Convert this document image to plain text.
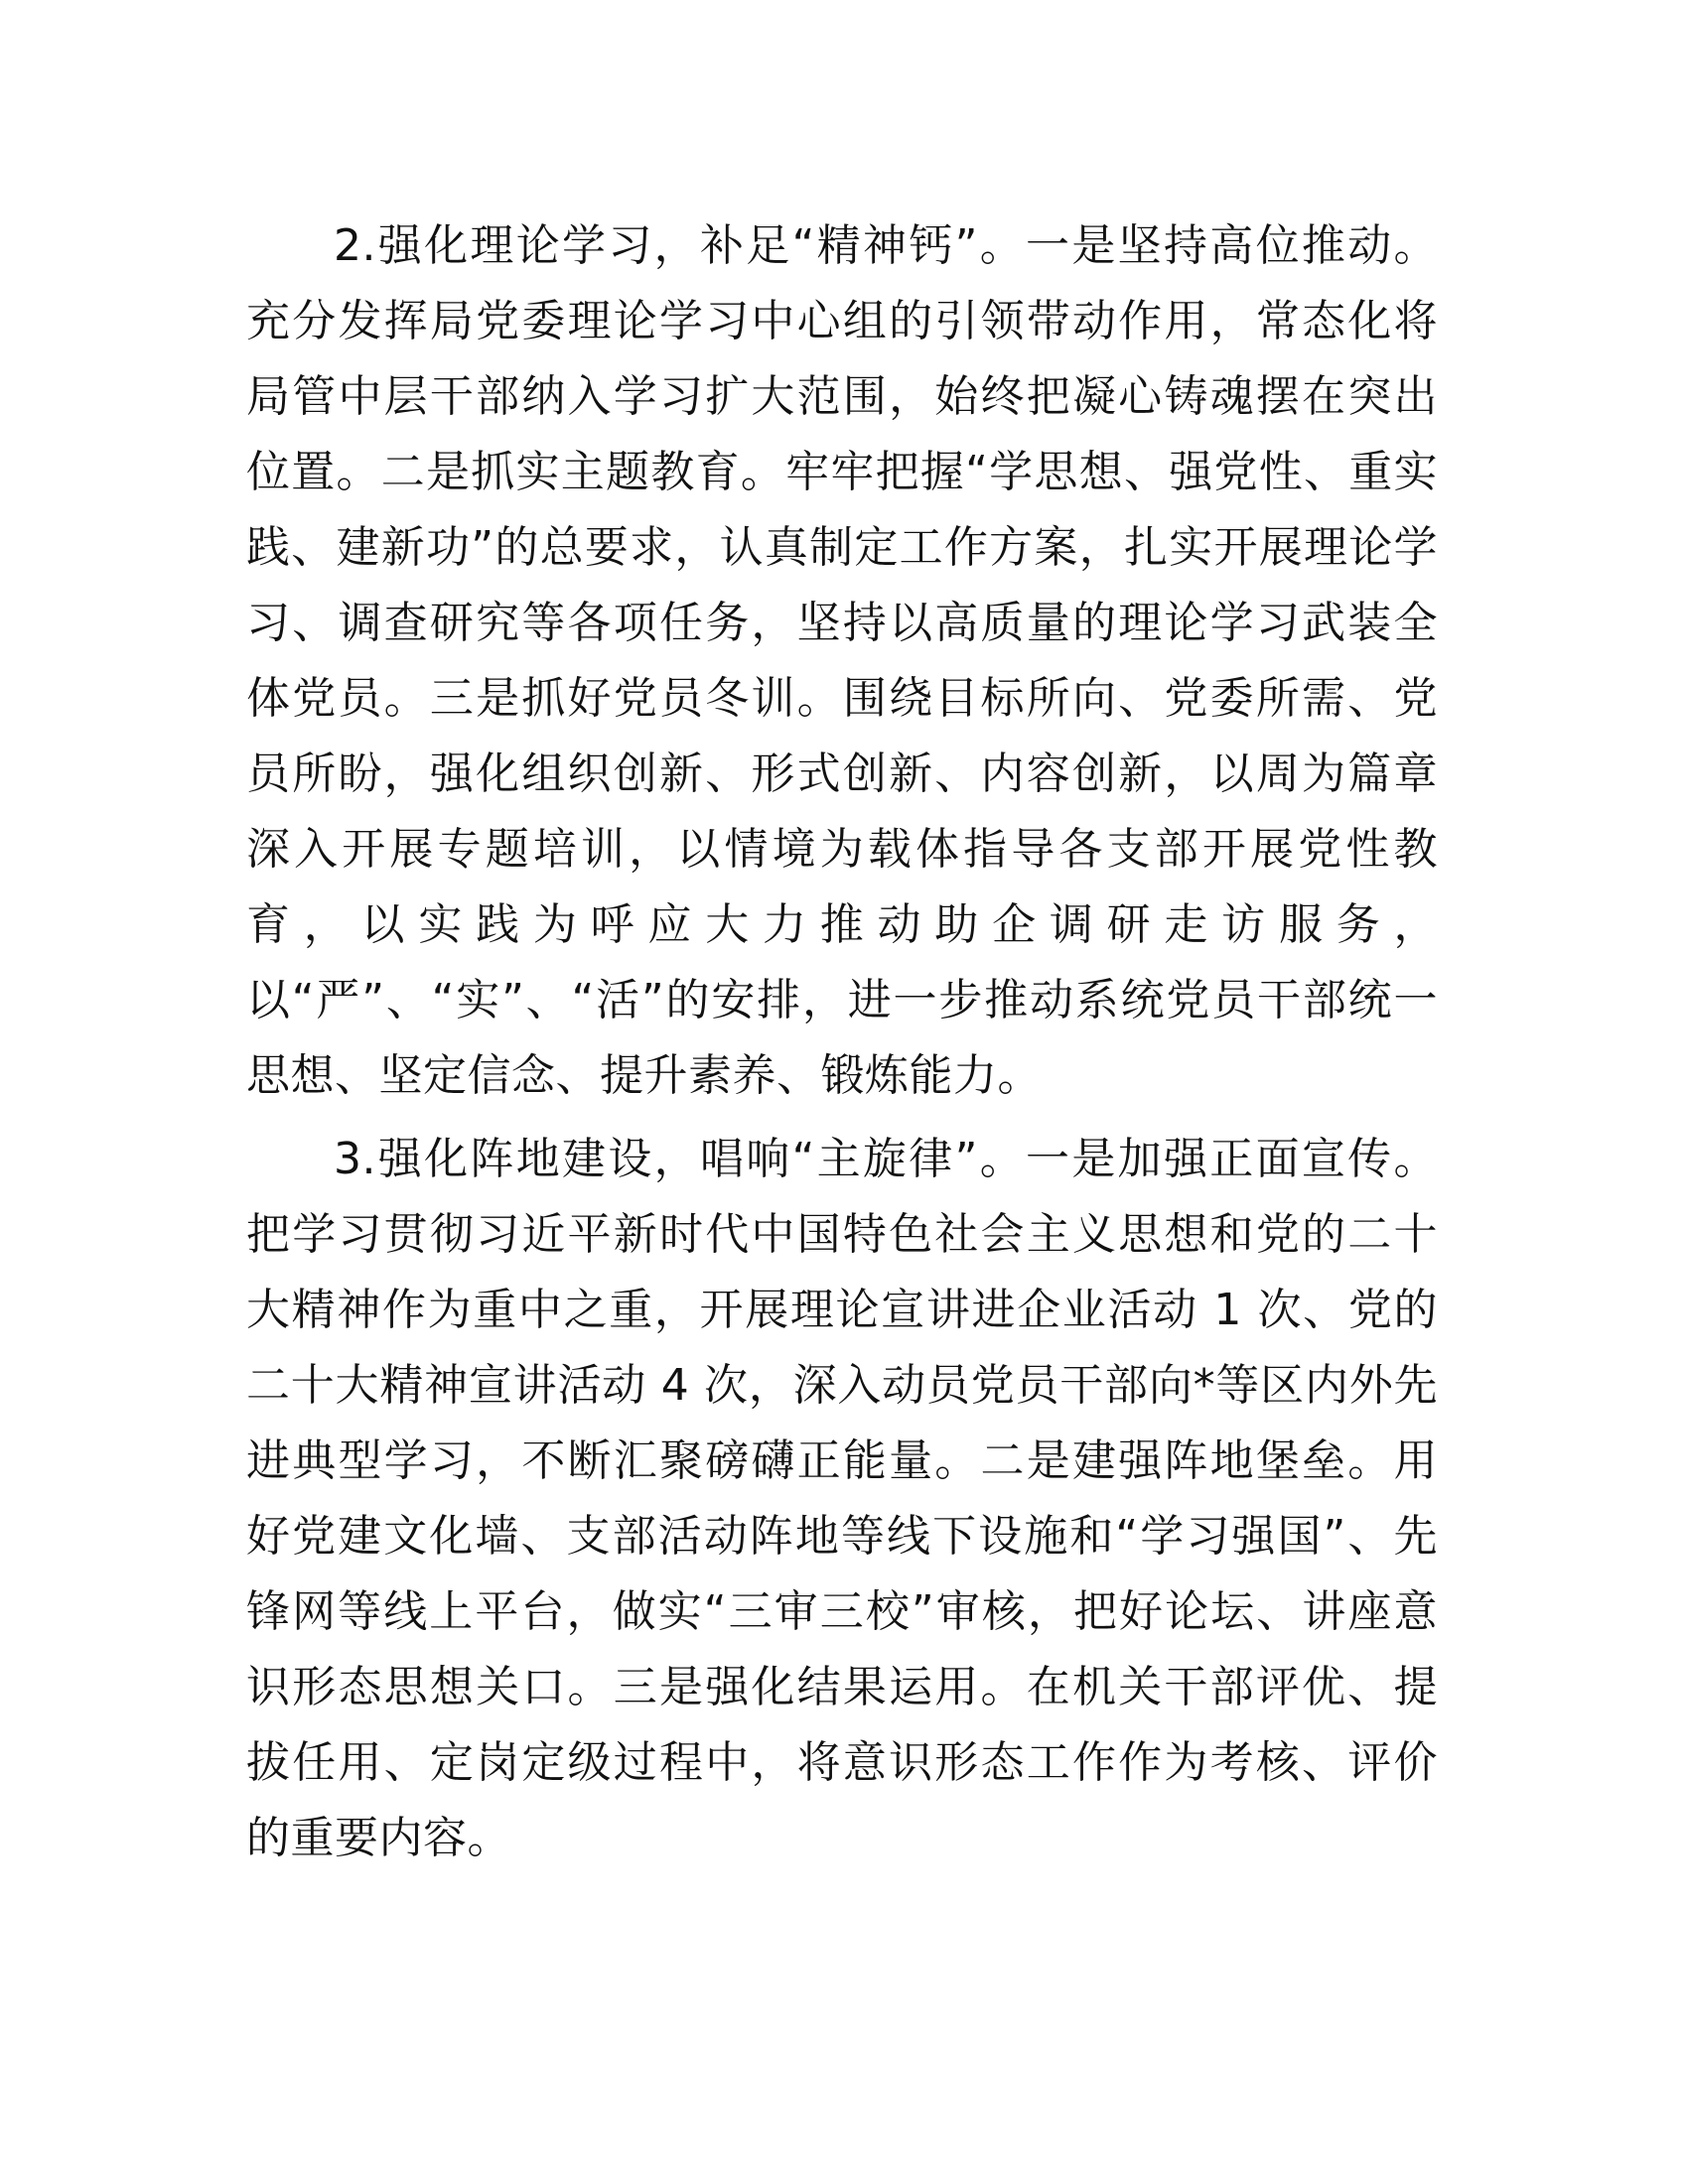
2.强化理论学习，补足“精神钙”。一是坚持高位推动。充分发挥局党委理论学习中心组的引领带动作用，常态化将局管中层干部纳入学习扩大范围，始终把凝心铸魂摆在突出位置。二是抓实主题教育。牢牢把握“学思想、强党性、重实践、建新功”的总要求，认真制定工作方案，扎实开展理论学习、调查研究等各项任务，坚持以高质量的理论学习武装全体党员。三是抓好党员冬训。围绕目标所向、党委所需、党员所盼，强化组织创新、形式创新、内容创新，以周为篇章深入开展专题培训，以情境为载体指导各支部开展党性教育，以实践为呼应大力推动助企调研走访服务，以“严”、“实”、“活”的安排，进一步推动系统党员干部统一思想、坚定信念、提升素养、锻炼能力。

3.强化阵地建设，唱响“主旋律”。一是加强正面宣传。把学习贯彻习近平新时代中国特色社会主义思想和党的二十大精神作为重中之重，开展理论宣讲进企业活动 1 次、党的二十大精神宣讲活动 4 次，深入动员党员干部向*等区内外先进典型学习，不断汇聚磅礴正能量。二是建强阵地堡垒。用好党建文化墙、支部活动阵地等线下设施和“学习强国”、先锋网等线上平台，做实“三审三校”审核，把好论坛、讲座意识形态思想关口。三是强化结果运用。在机关干部评优、提拔任用、定岗定级过程中，将意识形态工作作为考核、评价的重要内容。
